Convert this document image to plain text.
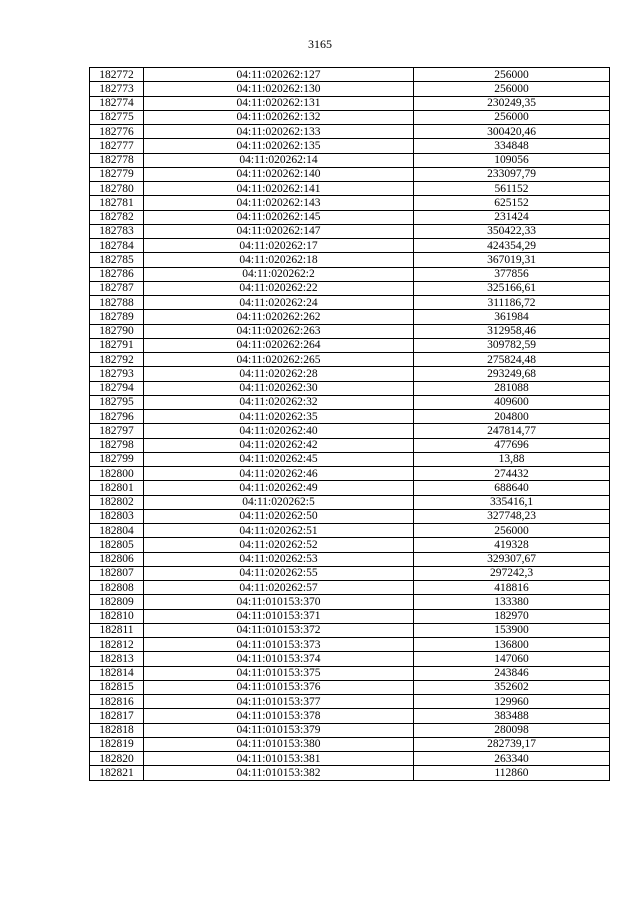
3165
182772	04:11:020262:127	256000
182773	04:11:020262:130	256000
182774	04:11:020262:131	230249,35
182775	04:11:020262:132	256000
182776	04:11:020262:133	300420,46
182777	04:11:020262:135	334848
182778	04:11:020262:14	109056
182779	04:11:020262:140	233097,79
182780	04:11:020262:141	561152
182781	04:11:020262:143	625152
182782	04:11:020262:145	231424
182783	04:11:020262:147	350422,33
182784	04:11:020262:17	424354,29
182785	04:11:020262:18	367019,31
182786	04:11:020262:2	377856
182787	04:11:020262:22	325166,61
182788	04:11:020262:24	311186,72
182789	04:11:020262:262	361984
182790	04:11:020262:263	312958,46
182791	04:11:020262:264	309782,59
182792	04:11:020262:265	275824,48
182793	04:11:020262:28	293249,68
182794	04:11:020262:30	281088
182795	04:11:020262:32	409600
182796	04:11:020262:35	204800
182797	04:11:020262:40	247814,77
182798	04:11:020262:42	477696
182799	04:11:020262:45	13,88
182800	04:11:020262:46	274432
182801	04:11:020262:49	688640
182802	04:11:020262:5	335416,1
182803	04:11:020262:50	327748,23
182804	04:11:020262:51	256000
182805	04:11:020262:52	419328
182806	04:11:020262:53	329307,67
182807	04:11:020262:55	297242,3
182808	04:11:020262:57	418816
182809	04:11:010153:370	133380
182810	04:11:010153:371	182970
182811	04:11:010153:372	153900
182812	04:11:010153:373	136800
182813	04:11:010153:374	147060
182814	04:11:010153:375	243846
182815	04:11:010153:376	352602
182816	04:11:010153:377	129960
182817	04:11:010153:378	383488
182818	04:11:010153:379	280098
182819	04:11:010153:380	282739,17
182820	04:11:010153:381	263340
182821	04:11:010153:382	112860
